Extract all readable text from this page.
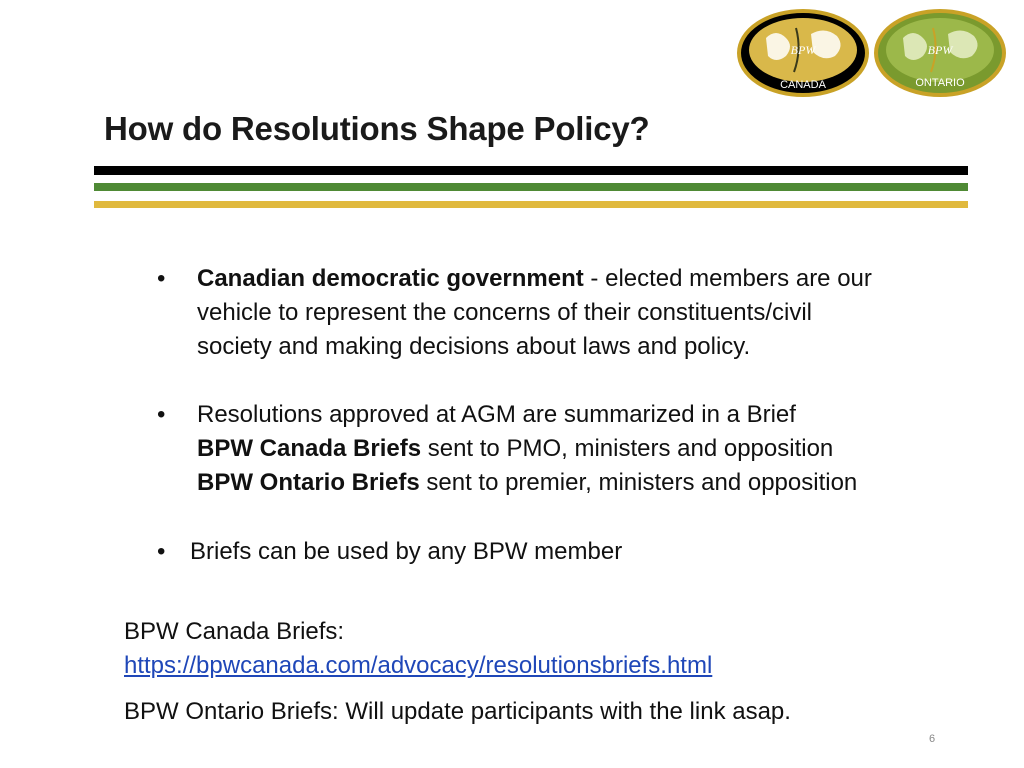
BPW
CANADA
BPW
ONTARIO
How do Resolutions Shape Policy?
• Canadian democratic government - elected members are our
vehicle to represent the concerns of their constituents/civil
society and making decisions about laws and policy.
• Resolutions approved at AGM are summarized in a Brief
BPW Canada Briefs sent to PMO, ministers and opposition
BPW Ontario Briefs sent to premier, ministers and opposition
• Briefs can be used by any BPW member
BPW Canada Briefs:
https://bpwcanada.com/advocacy/resolutionsbriefs.html
BPW Ontario Briefs: Will update participants with the link asap.
6
